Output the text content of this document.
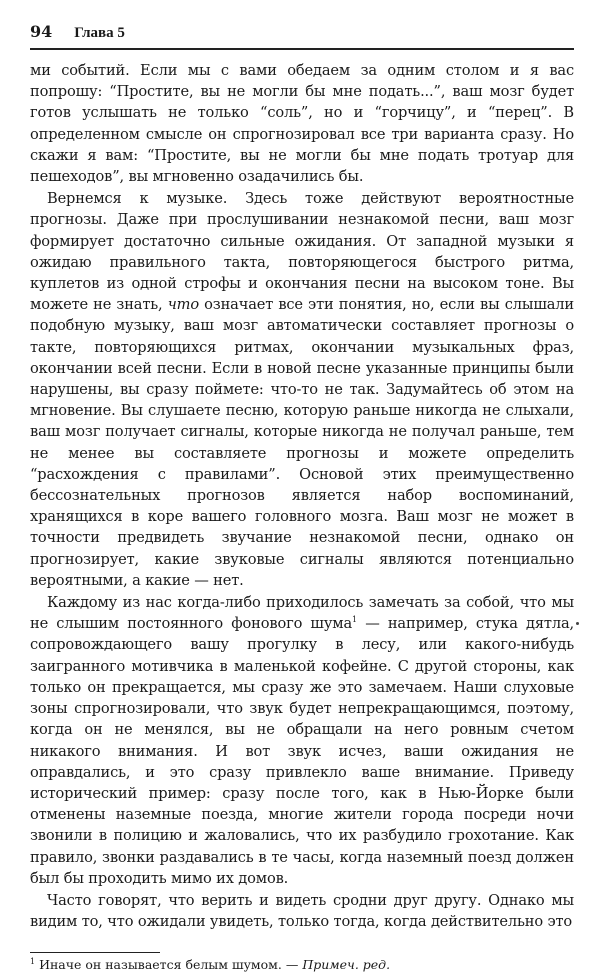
94 Глава 5

ми событий. Если мы с вами обедаем за одним столом и я вас попрошу: “Простите, вы не могли бы мне подать...”, ваш мозг будет готов услышать не только “соль”, но и “горчицу”, и “перец”. В определенном смысле он спрогнозировал все три варианта сразу. Но скажи я вам: “Простите, вы не могли бы мне подать тротуар для пешеходов”, вы мгновенно озадачились бы.

Вернемся к музыке. Здесь тоже действуют вероятностные прогнозы. Даже при прослушивании незнакомой песни, ваш мозг формирует достаточно сильные ожидания. От западной музыки я ожидаю правильного такта, повторяющегося быстрого ритма, куплетов из одной строфы и окончания песни на высоком тоне. Вы можете не знать, что означает все эти понятия, но, если вы слышали подобную музыку, ваш мозг автоматически составляет прогнозы о такте, повторяющихся ритмах, окончании музыкальных фраз, окончании всей песни. Если в новой песне указанные принципы были нарушены, вы сразу поймете: что-то не так. Задумайтесь об этом на мгновение. Вы слушаете песню, которую раньше никогда не слыхали, ваш мозг получает сигналы, которые никогда не получал раньше, тем не менее вы составляете прогнозы и можете определить “расхождения с правилами”. Основой этих преимущественно бессознательных прогнозов является набор воспоминаний, хранящихся в коре вашего головного мозга. Ваш мозг не может в точности предвидеть звучание незнакомой песни, однако он прогнозирует, какие звуковые сигналы являются потенциально вероятными, а какие — нет.

Каждому из нас когда-либо приходилось замечать за собой, что мы не слышим постоянного фонового шума$^1$ — например, стука дятла, сопровождающего вашу прогулку в лесу, или какого-нибудь заигранного мотивчика в маленькой кофейне. С другой стороны, как только он прекращается, мы сразу же это замечаем. Наши слуховые зоны спрогнозировали, что звук будет непрекращающимся, поэтому, когда он не менялся, вы не обращали на него ровным счетом никакого внимания. И вот звук исчез, ваши ожидания не оправдались, и это сразу привлекло ваше внимание. Приведу исторический пример: сразу после того, как в Нью-Йорке были отменены наземные поезда, многие жители города посреди ночи звонили в полицию и жаловались, что их разбудило грохотание. Как правило, звонки раздавались в те часы, когда наземный поезд должен был бы проходить мимо их домов.

Часто говорят, что верить и видеть сродни друг другу. Однако мы видим то, что ожидали увидеть, только тогда, когда действительно это

$^1$ Иначе он называется белым шумом. — Примеч. ред.
